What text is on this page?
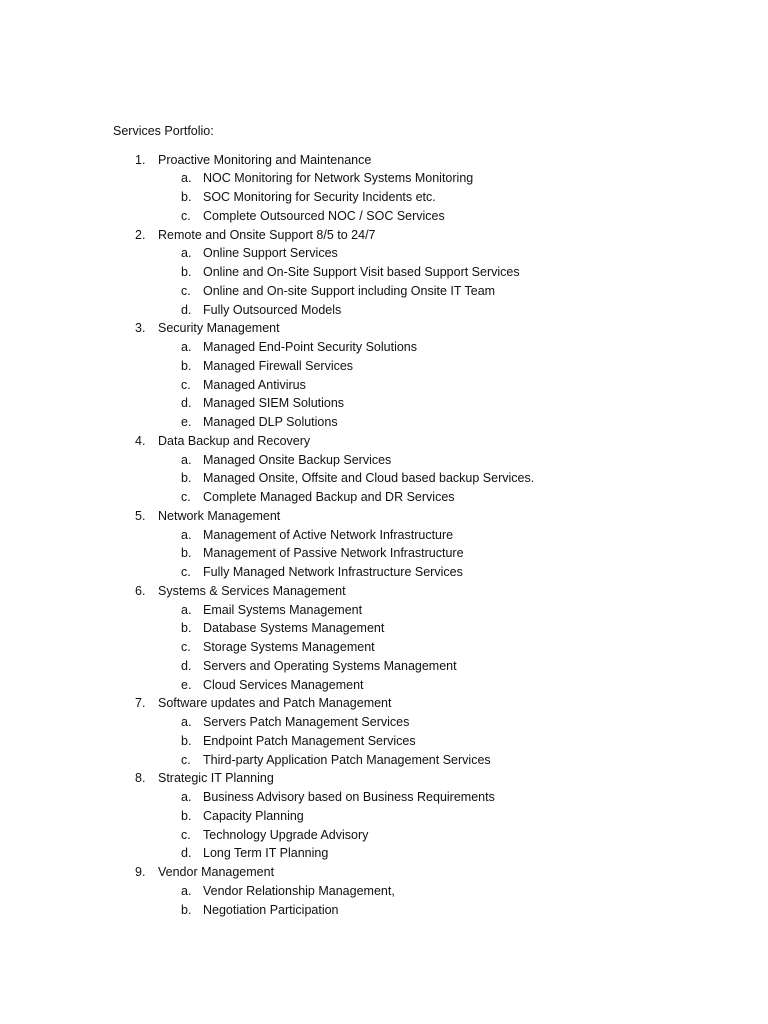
Services Portfolio:
1. Proactive Monitoring and Maintenance
a. NOC Monitoring for Network Systems Monitoring
b. SOC Monitoring for Security Incidents etc.
c. Complete Outsourced NOC / SOC Services
2. Remote and Onsite Support 8/5 to 24/7
a. Online Support Services
b. Online and On-Site Support Visit based Support Services
c. Online and On-site Support including Onsite IT Team
d. Fully Outsourced Models
3. Security Management
a. Managed End-Point Security Solutions
b. Managed Firewall Services
c. Managed Antivirus
d. Managed SIEM Solutions
e. Managed DLP Solutions
4. Data Backup and Recovery
a. Managed Onsite Backup Services
b. Managed Onsite, Offsite and Cloud based backup Services.
c. Complete Managed Backup and DR Services
5. Network Management
a. Management of Active Network Infrastructure
b. Management of Passive Network Infrastructure
c. Fully Managed Network Infrastructure Services
6. Systems & Services Management
a. Email Systems Management
b. Database Systems Management
c. Storage Systems Management
d. Servers and Operating Systems Management
e. Cloud Services Management
7. Software updates and Patch Management
a. Servers Patch Management Services
b. Endpoint Patch Management Services
c. Third-party Application Patch Management Services
8. Strategic IT Planning
a. Business Advisory based on Business Requirements
b. Capacity Planning
c. Technology Upgrade Advisory
d. Long Term IT Planning
9. Vendor Management
a. Vendor Relationship Management,
b. Negotiation Participation
